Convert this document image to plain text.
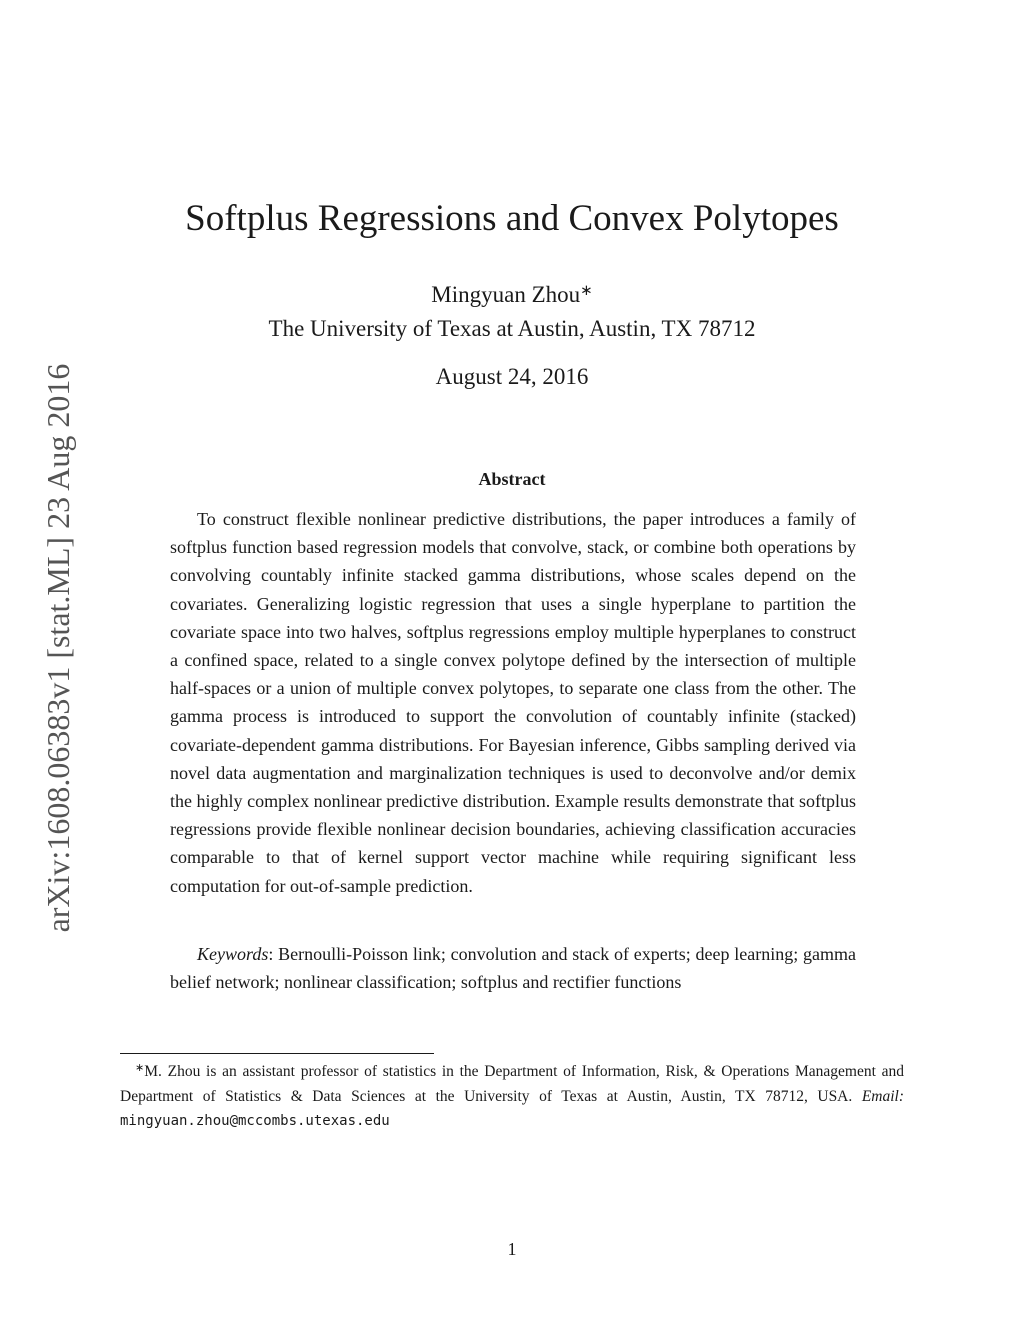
arXiv:1608.06383v1 [stat.ML] 23 Aug 2016
Softplus Regressions and Convex Polytopes
Mingyuan Zhou∗
The University of Texas at Austin, Austin, TX 78712
August 24, 2016
Abstract

To construct flexible nonlinear predictive distributions, the paper introduces a family of softplus function based regression models that convolve, stack, or combine both operations by convolving countably infinite stacked gamma distributions, whose scales depend on the covariates. Generalizing logistic regression that uses a single hyperplane to partition the covariate space into two halves, softplus regressions employ multiple hyperplanes to construct a confined space, related to a single convex polytope defined by the intersection of multiple half-spaces or a union of multiple convex polytopes, to separate one class from the other. The gamma process is introduced to support the convolution of countably infinite (stacked) covariate-dependent gamma distributions. For Bayesian inference, Gibbs sampling derived via novel data augmentation and marginalization techniques is used to deconvolve and/or demix the highly complex nonlinear predictive distribution. Example results demonstrate that softplus regressions provide flexible nonlinear decision boundaries, achieving classification accuracies comparable to that of kernel support vector machine while requiring significant less computation for out-of-sample prediction.

Keywords: Bernoulli-Poisson link; convolution and stack of experts; deep learning; gamma belief network; nonlinear classification; softplus and rectifier functions

∗M. Zhou is an assistant professor of statistics in the Department of Information, Risk, & Operations Management and Department of Statistics & Data Sciences at the University of Texas at Austin, Austin, TX 78712, USA. Email: mingyuan.zhou@mccombs.utexas.edu

1
